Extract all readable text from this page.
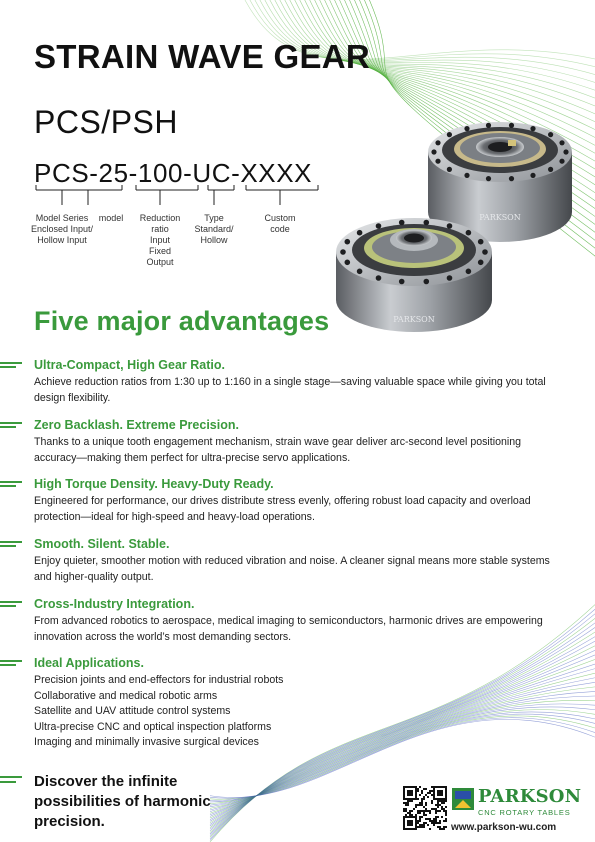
STRAIN WAVE GEAR
PCS/PSH
PCS-25-100-UC-XXXX
Model Series
Enclosed Input/
Hollow Input
model	Reduction
ratio
Input
Fixed
Output
Type
Standard/
Hollow
Custom
code
PARKSON
PARKSON
Five major advantages
Ultra-Compact, High Gear Ratio.

Achieve reduction ratios from 1:30 up to 1:160 in a single stage—saving valuable space while giving you total design flexibility.

Zero Backlash. Extreme Precision.

Thanks to a unique tooth engagement mechanism, strain wave gear deliver arc-second level positioning accuracy—making them perfect for ultra-precise servo applications.

High Torque Density. Heavy-Duty Ready.

Engineered for performance, our drives distribute stress evenly, offering robust load capacity and overload protection—ideal for high-speed and heavy-load operations.

Smooth. Silent. Stable.

Enjoy quieter, smoother motion with reduced vibration and noise. A cleaner signal means more stable systems and higher-quality output.

Cross-Industry Integration.

From advanced robotics to aerospace, medical imaging to semiconductors, harmonic drives are empowering innovation across the world’s most demanding sectors.

Ideal Applications.
Precision joints and end-effectors for industrial robots
Collaborative and medical robotic arms
Satellite and UAV attitude control systems
Ultra-precise CNC and optical inspection platforms
Imaging and minimally invasive surgical devices

Discover the infinite possibilities of harmonic precision.

PARKSON
CNC ROTARY TABLES
www.parkson-wu.com
